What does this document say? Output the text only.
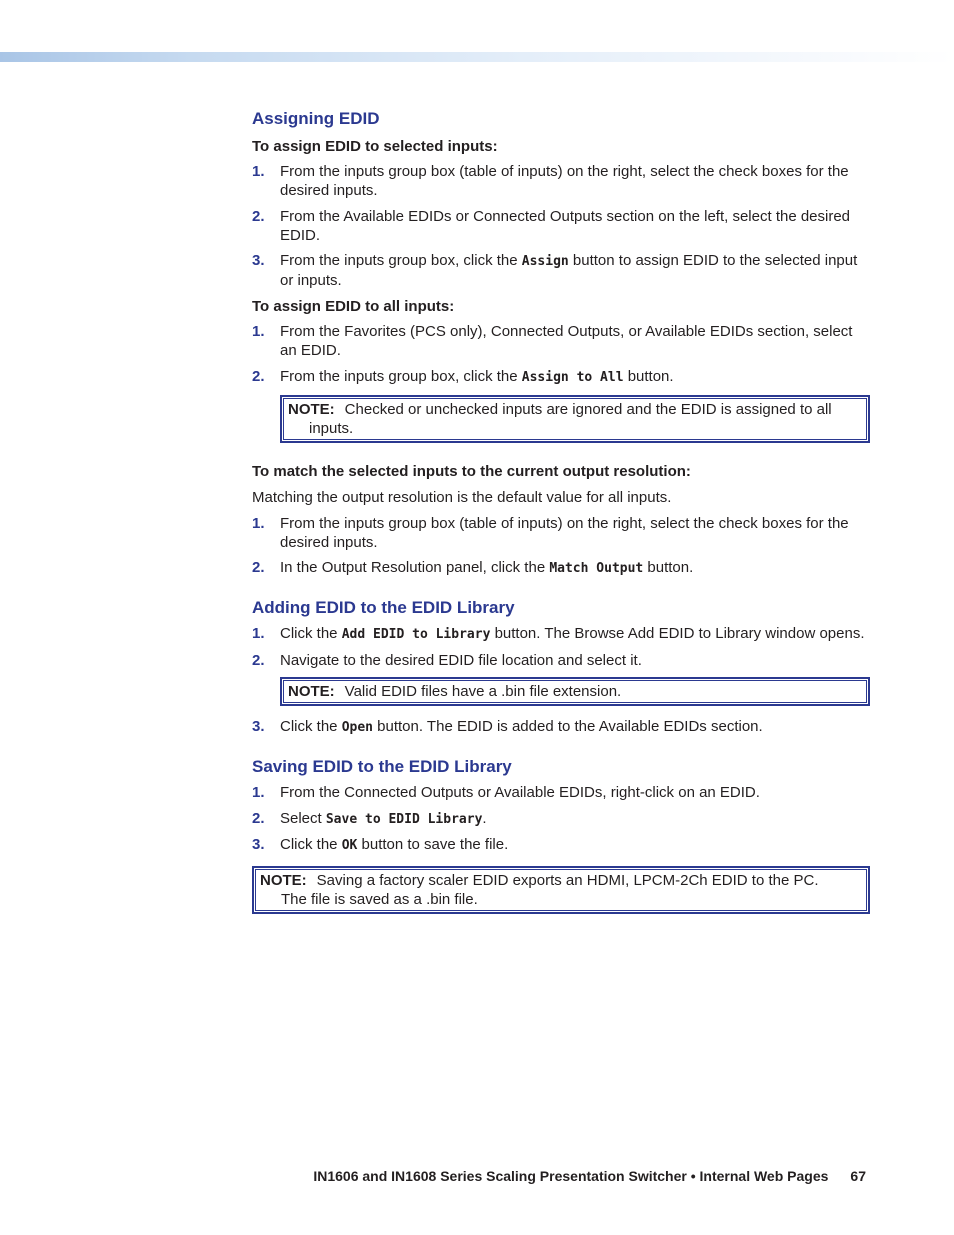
Assigning EDID
To assign EDID to selected inputs:
1. From the inputs group box (table of inputs) on the right, select the check boxes for the desired inputs.
2. From the Available EDIDs or Connected Outputs section on the left, select the desired EDID.
3. From the inputs group box, click the Assign button to assign EDID to the selected input or inputs.
To assign EDID to all inputs:
1. From the Favorites (PCS only), Connected Outputs, or Available EDIDs section, select an EDID.
2. From the inputs group box, click the Assign to All button.
NOTE: Checked or unchecked inputs are ignored and the EDID is assigned to all inputs.
To match the selected inputs to the current output resolution:
Matching the output resolution is the default value for all inputs.
1. From the inputs group box (table of inputs) on the right, select the check boxes for the desired inputs.
2. In the Output Resolution panel, click the Match Output button.
Adding EDID to the EDID Library
1. Click the Add EDID to Library button. The Browse Add EDID to Library window opens.
2. Navigate to the desired EDID file location and select it.
NOTE: Valid EDID files have a .bin file extension.
3. Click the Open button. The EDID is added to the Available EDIDs section.
Saving EDID to the EDID Library
1. From the Connected Outputs or Available EDIDs, right-click on an EDID.
2. Select Save to EDID Library.
3. Click the OK button to save the file.
NOTE: Saving a factory scaler EDID exports an HDMI, LPCM-2Ch EDID to the PC. The file is saved as a .bin file.
IN1606 and IN1608 Series Scaling Presentation Switcher • Internal Web Pages 67
